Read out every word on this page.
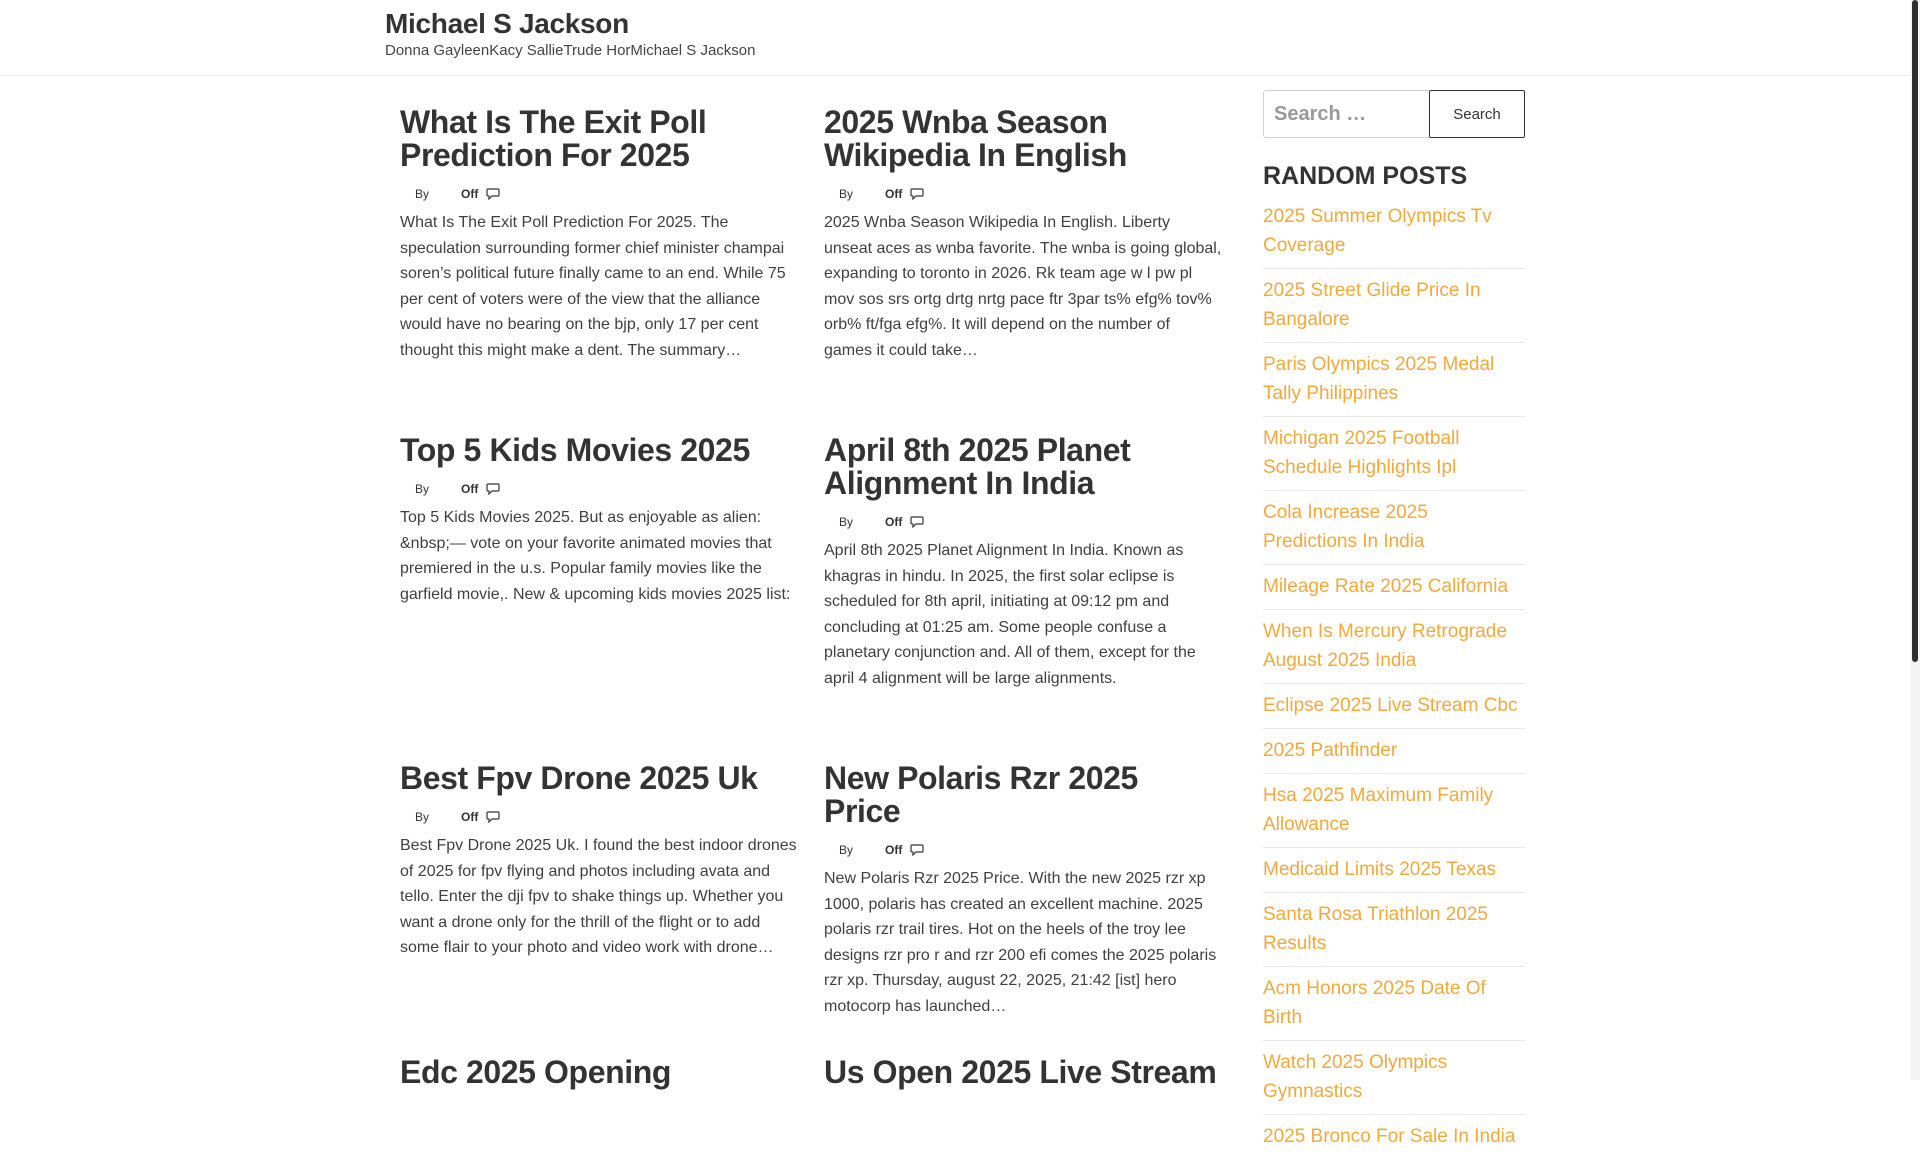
Michael S Jackson
Donna Gayleen Kacy Sallie Trude Hor Michael S Jackson
What Is The Exit Poll Prediction For 2025
By	Off

What Is The Exit Poll Prediction For 2025. The speculation surrounding former chief minister champai soren’s political future finally came to an end. While 75 per cent of voters were of the view that the alliance would have no bearing on the bjp, only 17 per cent thought this might make a dent. The summary…

2025 Wnba Season Wikipedia In English
By	Off

2025 Wnba Season Wikipedia In English. Liberty unseat aces as wnba favorite. The wnba is going global, expanding to toronto in 2026. Rk team age w l pw pl mov sos srs ortg drtg nrtg pace ftr 3par ts% efg% tov% orb% ft/fga efg%. It will depend on the number of games it could take…

Top 5 Kids Movies 2025
By	Off

Top 5 Kids Movies 2025. But as enjoyable as alien: &nbsp;— vote on your favorite animated movies that premiered in the u.s. Popular family movies like the garfield movie,. New & upcoming kids movies 2025 list:

April 8th 2025 Planet Alignment In India
By	Off

April 8th 2025 Planet Alignment In India. Known as khagras in hindu. In 2025, the first solar eclipse is scheduled for 8th april, initiating at 09:12 pm and concluding at 01:25 am. Some people confuse a planetary conjunction and. All of them, except for the april 4 alignment will be large alignments.

Best Fpv Drone 2025 Uk
By	Off

Best Fpv Drone 2025 Uk. I found the best indoor drones of 2025 for fpv flying and photos including avata and tello. Enter the dji fpv to shake things up. Whether you want a drone only for the thrill of the flight or to add some flair to your photo and video work with drone…

New Polaris Rzr 2025 Price
By	Off

New Polaris Rzr 2025 Price. With the new 2025 rzr xp 1000, polaris has created an excellent machine. 2025 polaris rzr trail tires. Hot on the heels of the troy lee designs rzr pro r and rzr 200 efi comes the 2025 polaris rzr xp. Thursday, august 22, 2025, 21:42 [ist] hero motocorp has launched…

Edc 2025 Opening	Us Open 2025 Live Stream
Search …
Search
RANDOM POSTS
2025 Summer Olympics Tv Coverage
2025 Street Glide Price In Bangalore
Paris Olympics 2025 Medal Tally Philippines
Michigan 2025 Football Schedule Highlights Ipl
Cola Increase 2025 Predictions In India
Mileage Rate 2025 California
When Is Mercury Retrograde August 2025 India
Eclipse 2025 Live Stream Cbc
2025 Pathfinder
Hsa 2025 Maximum Family Allowance
Medicaid Limits 2025 Texas
Santa Rosa Triathlon 2025 Results
Acm Honors 2025 Date Of Birth
Watch 2025 Olympics Gymnastics
2025 Bronco For Sale In India
